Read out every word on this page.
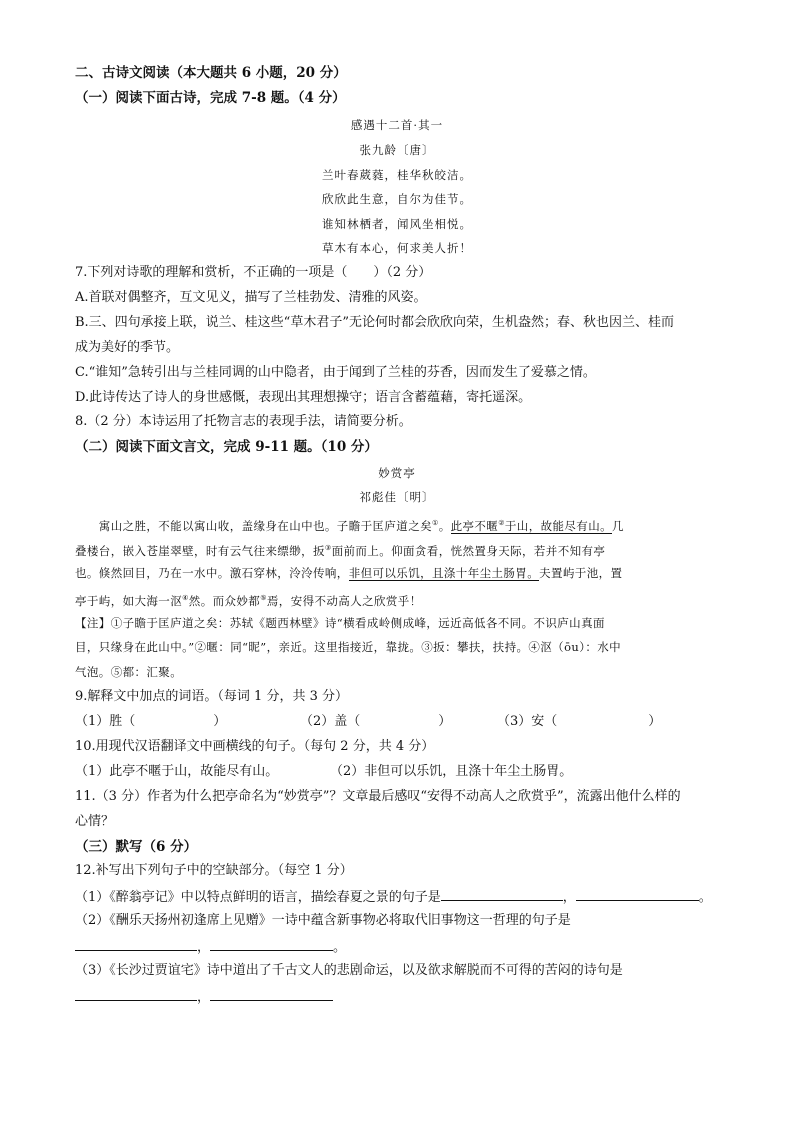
二、古诗文阅读（本大题共 6 小题，20 分）
（一）阅读下面古诗，完成 7-8 题。（4 分）
感遇十二首·其一
张九龄〔唐〕
兰叶春葳蕤，桂华秋皎洁。
欣欣此生意，自尔为佳节。
谁知林栖者，闻风坐相悦。
草木有本心，何求美人折！
7.下列对诗歌的理解和赏析，不正确的一项是（　　）（2 分）
A.首联对偶整齐，互文见义，描写了兰桂勃发、清雅的风姿。
B.三、四句承接上联，说兰、桂这些“草木君子”无论何时都会欣欣向荣，生机盎然；春、秋也因兰、桂而
成为美好的季节。
C.“谁知”急转引出与兰桂同调的山中隐者，由于闻到了兰桂的芬香，因而发生了爱慕之情。
D.此诗传达了诗人的身世感慨，表现出其理想操守；语言含蓄蕴藉，寄托遥深。
8.（2 分）本诗运用了托物言志的表现手法，请简要分析。
（二）阅读下面文言文，完成 9-11 题。（10 分）
妙赏亭
祁彪佳〔明〕
　　寓山之胜，不能以寓山收，盖缘身在山中也。子瞻于匡庐道之矣①。此亭不暱②于山，故能尽有山。几
叠楼台，嵌入苍崖翠壁，时有云气往来缥缈，扳③面前而上。仰面贪看，恍然置身天际，若并不知有亭
也。倏然回目，乃在一水中。激石穿林，泠泠传响，非但可以乐饥，且涤十年尘土肠胃。夫置屿于池，置
亭于屿，如大海一沤④然。而众妙都⑤焉，安得不动高人之欣赏乎！
【注】①子瞻于匡庐道之矣：苏轼《题西林壁》诗“横看成岭侧成峰，远近高低各不同。不识庐山真面
目，只缘身在此山中。”②暱：同“昵”，亲近。这里指接近，靠拢。③扳：攀扶，扶持。④沤（ōu）：水中
气泡。⑤都：汇聚。
9.解释文中加点的词语。（每词 1 分，共 3 分）
（1）胜（　　　　　　）	（2）盖（　　　　　　）	（3）安（　　　　　　　）
10.用现代汉语翻译文中画横线的句子。（每句 2 分，共 4 分）
（1）此亭不暱于山，故能尽有山。	（2）非但可以乐饥，且涤十年尘土肠胃。
11.（3 分）作者为什么把亭命名为“妙赏亭”？文章最后感叹“安得不动高人之欣赏乎”，流露出他什么样的
心情？
（三）默写（6 分）
12.补写出下列句子中的空缺部分。（每空 1 分）
（1）《醉翁亭记》中以特点鲜明的语言，描绘春夏之景的句子是	，	。
（2）《酬乐天扬州初逢席上见赠》一诗中蕴含新事物必将取代旧事物这一哲理的句子是
，	。
（3）《长沙过贾谊宅》诗中道出了千古文人的悲剧命运，以及欲求解脱而不可得的苦闷的诗句是
，
